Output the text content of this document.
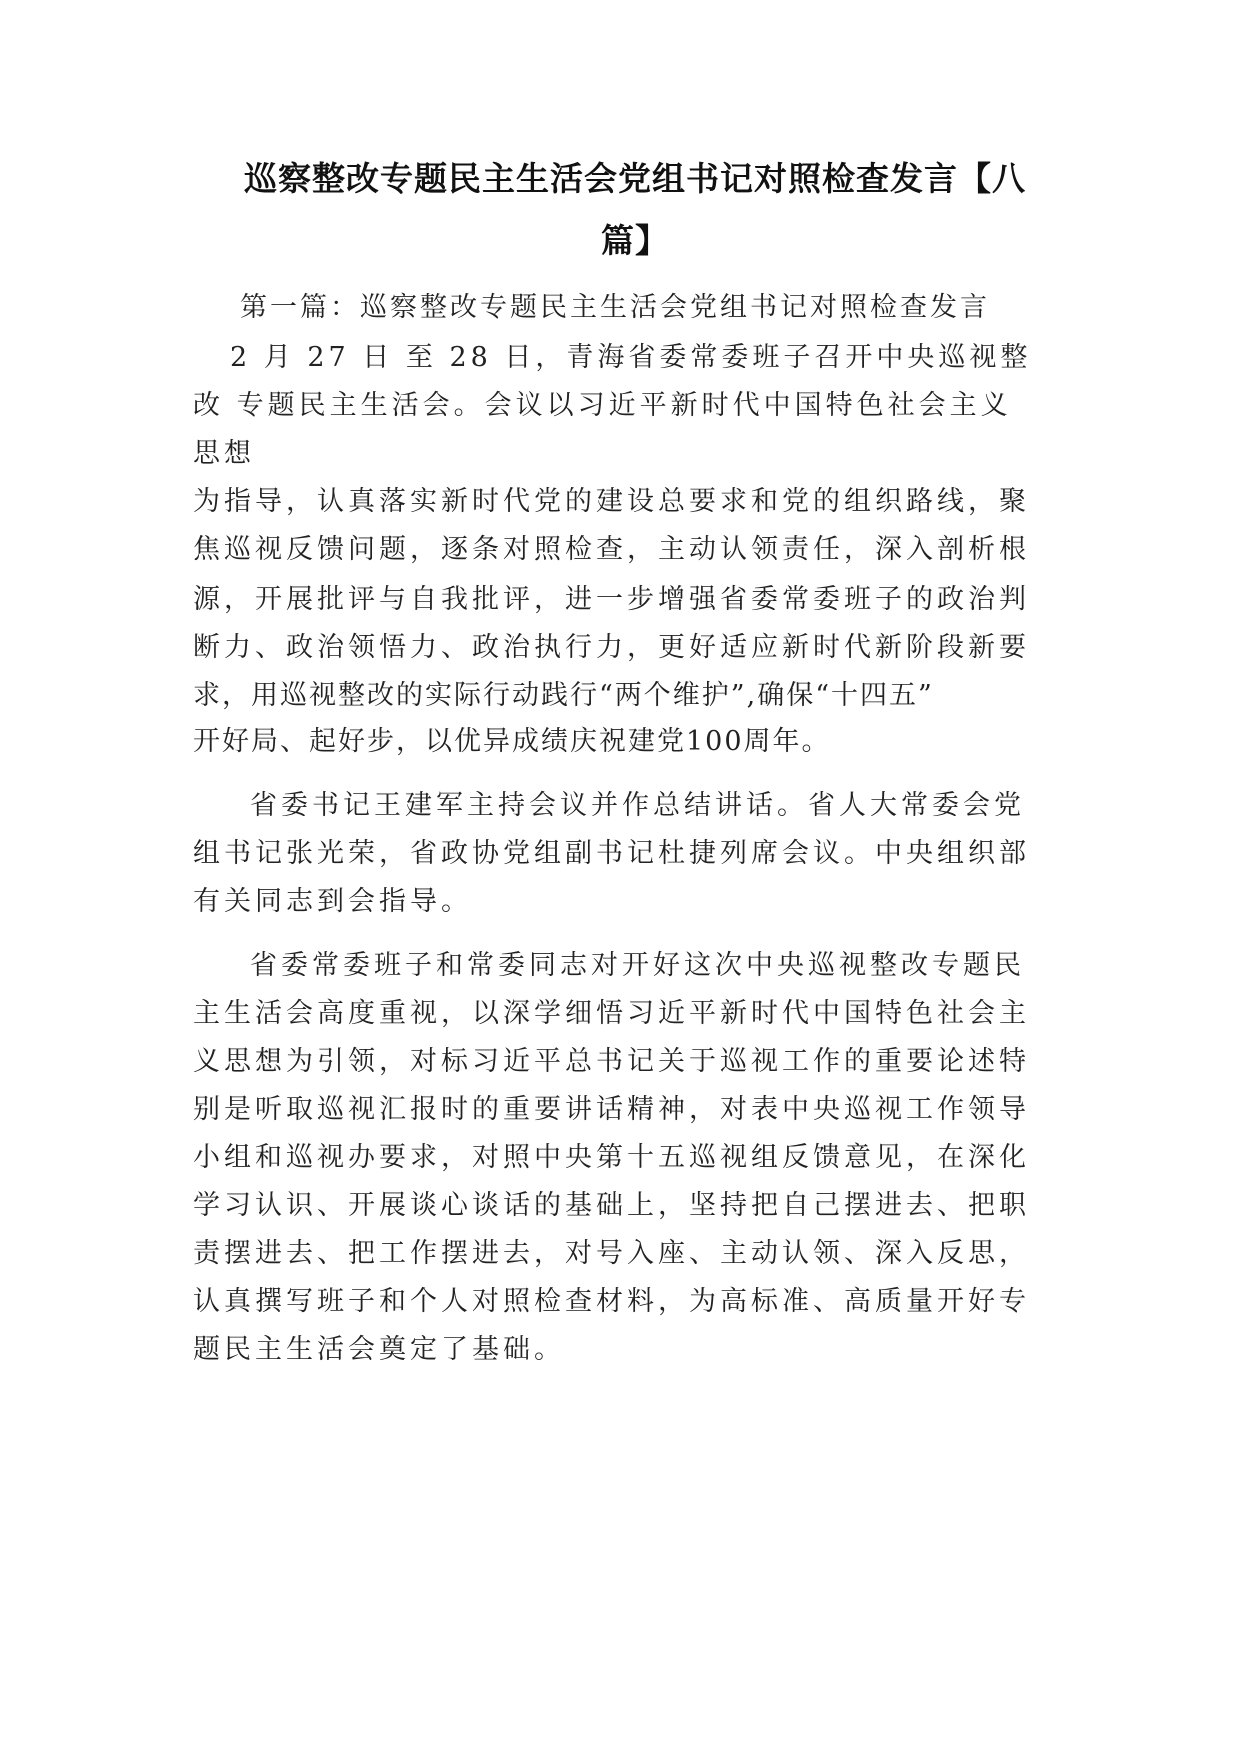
巡察整改专题民主生活会党组书记对照检查发言【八
篇】
第一篇：巡察整改专题民主生活会党组书记对照检查发言
2 月 27 日 至 28 日，青海省委常委班子召开中央巡视整
改 专题民主生活会。会议以习近平新时代中国特色社会主义
思想
为指导，认真落实新时代党的建设总要求和党的组织路线，聚
焦巡视反馈问题，逐条对照检查，主动认领责任，深入剖析根
源，开展批评与自我批评，进一步增强省委常委班子的政治判
断力、政治领悟力、政治执行力，更好适应新时代新阶段新要
求，用巡视整改的实际行动践行“两个维护”,确保“十四五”
开好局、起好步，以优异成绩庆祝建党100周年。
省委书记王建军主持会议并作总结讲话。省人大常委会党
组书记张光荣，省政协党组副书记杜捷列席会议。中央组织部
有关同志到会指导。
省委常委班子和常委同志对开好这次中央巡视整改专题民
主生活会高度重视，以深学细悟习近平新时代中国特色社会主
义思想为引领，对标习近平总书记关于巡视工作的重要论述特
别是听取巡视汇报时的重要讲话精神，对表中央巡视工作领导
小组和巡视办要求，对照中央第十五巡视组反馈意见，在深化
学习认识、开展谈心谈话的基础上，坚持把自己摆进去、把职
责摆进去、把工作摆进去，对号入座、主动认领、深入反思，
认真撰写班子和个人对照检查材料，为高标准、高质量开好专
题民主生活会奠定了基础。
